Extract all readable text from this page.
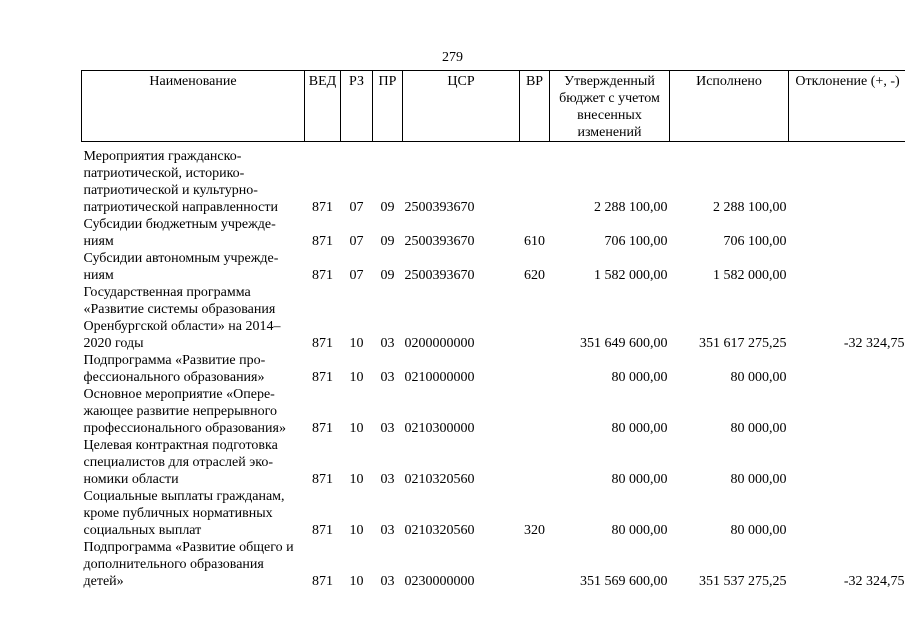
279
Наименование	ВЕД	РЗ	ПР	ЦСР	ВР	Утвержденный бюджет с учетом внесенных изменений	Исполнено	Отклонение (+, -)
Мероприятия гражданско-патриотической, историко-патриотической и культурно-патриотической направленности	871	07	09	2500393670		2 288 100,00	2 288 100,00	
Субсидии бюджетным учрежде-ниям	871	07	09	2500393670	610	706 100,00	706 100,00	
Субсидии автономным учрежде-ниям	871	07	09	2500393670	620	1 582 000,00	1 582 000,00	
Государственная программа «Развитие системы образования Оренбургской области» на 2014–2020 годы	871	10	03	0200000000		351 649 600,00	351 617 275,25	-32 324,75
Подпрограмма «Развитие про-фессионального образования»	871	10	03	0210000000		80 000,00	80 000,00	
Основное мероприятие «Опере-жающее развитие непрерывного профессионального образования»	871	10	03	0210300000		80 000,00	80 000,00	
Целевая контрактная подготовка специалистов для отраслей эко-номики области	871	10	03	0210320560		80 000,00	80 000,00	
Социальные выплаты гражданам, кроме публичных нормативных социальных выплат	871	10	03	0210320560	320	80 000,00	80 000,00	
Подпрограмма «Развитие общего и дополнительного образования детей»	871	10	03	0230000000		351 569 600,00	351 537 275,25	-32 324,75
